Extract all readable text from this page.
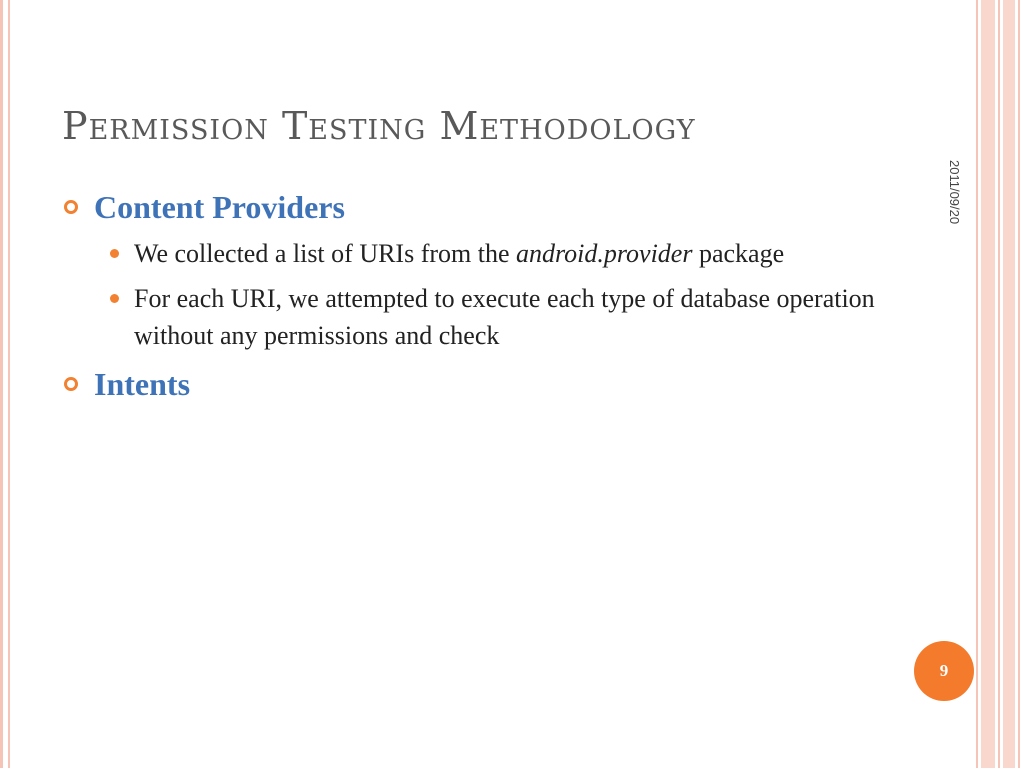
Permission Testing Methodology
2011/09/20
Content Providers
We collected a list of URIs from the android.provider package
For each URI, we attempted to execute each type of database operation without any permissions and check
Intents
9
